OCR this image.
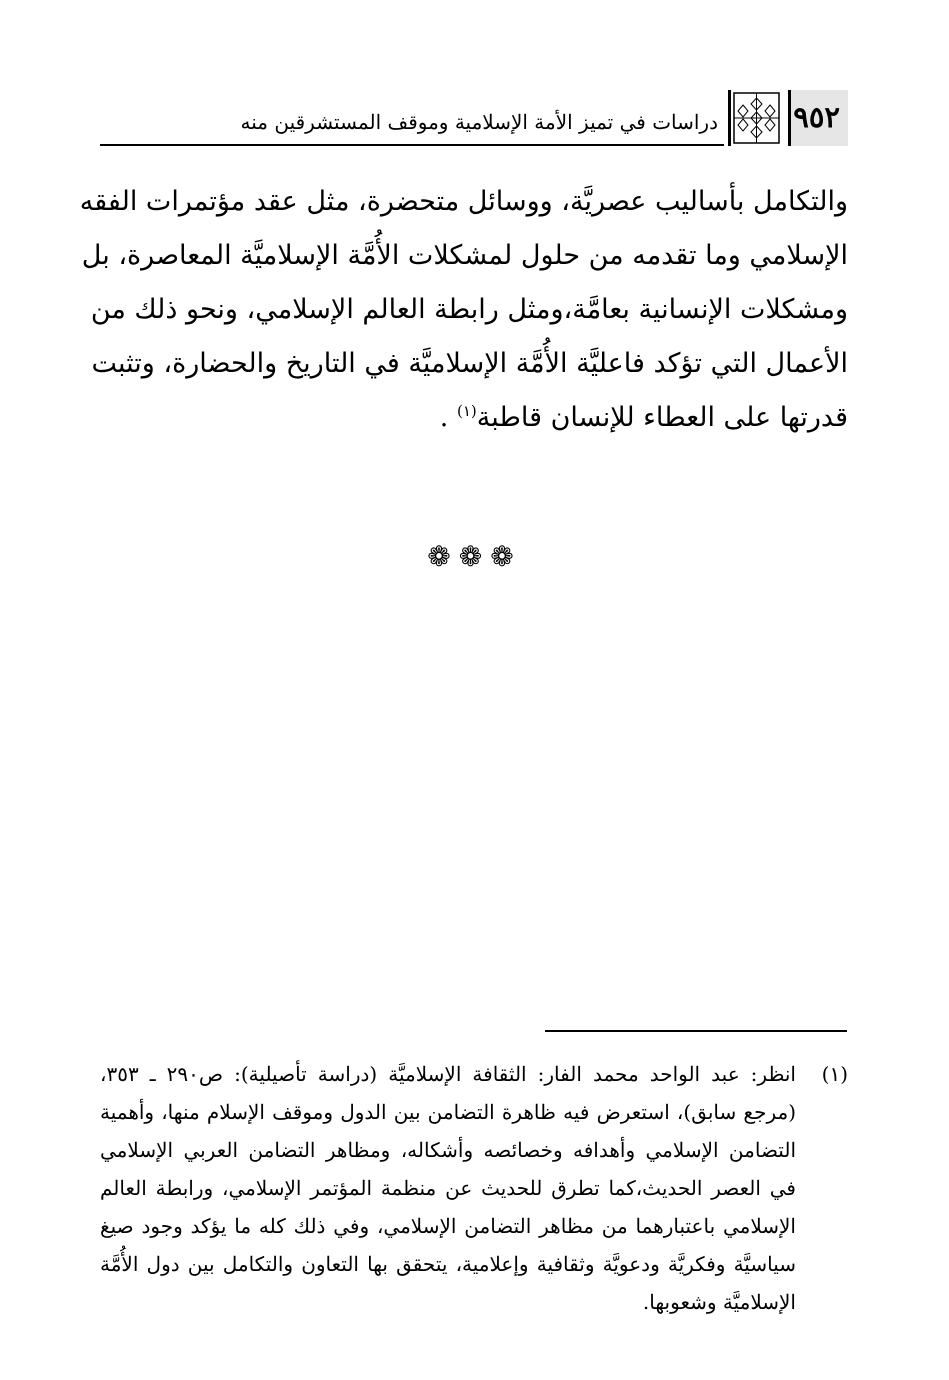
٩٥٢
دراسات في تميز الأمة الإسلامية وموقف المستشرقين منه
والتكامل بأساليب عصريَّة، ووسائل متحضرة، مثل عقد مؤتمرات الفقه
الإسلامي وما تقدمه من حلول لمشكلات الأُمَّة الإسلاميَّة المعاصرة، بل
ومشكلات الإنسانية بعامَّة،ومثل رابطة العالم الإسلامي، ونحو ذلك من
الأعمال التي تؤكد فاعليَّة الأُمَّة الإسلاميَّة في التاريخ والحضارة، وتثبت
قدرتها على العطاء للإنسان قاطبة$^{(١)}$ .
❁❁❁
(١)
انظر: عبد الواحد محمد الفار: الثقافة الإسلاميَّة (دراسة تأصيلية): ص٢٩٠ ـ ٣٥٣،
(مرجع سابق)، استعرض فيه ظاهرة التضامن بين الدول وموقف الإسلام منها، وأهمية
التضامن الإسلامي وأهدافه وخصائصه وأشكاله، ومظاهر التضامن العربي الإسلامي
في العصر الحديث،كما تطرق للحديث عن منظمة المؤتمر الإسلامي، ورابطة العالم
الإسلامي باعتبارهما من مظاهر التضامن الإسلامي، وفي ذلك كله ما يؤكد وجود صيغ
سياسيَّة وفكريَّة ودعويَّة وثقافية وإعلامية، يتحقق بها التعاون والتكامل بين دول الأُمَّة
الإسلاميَّة وشعوبها.
